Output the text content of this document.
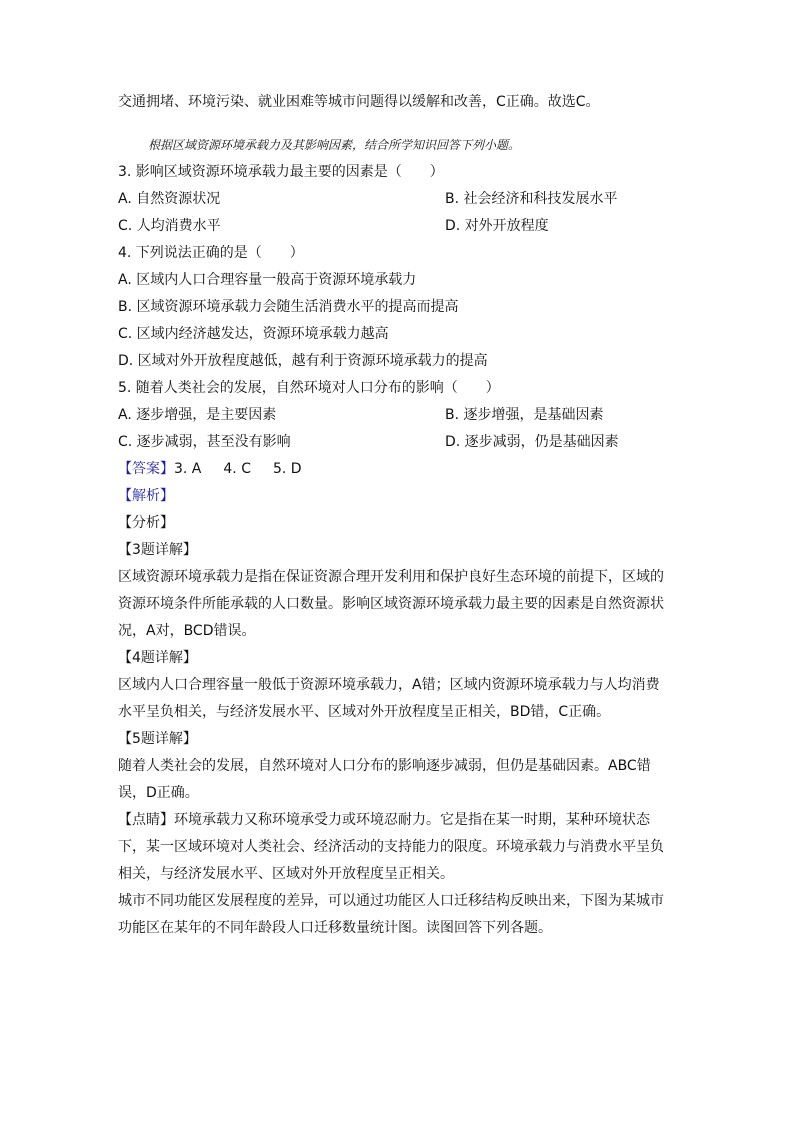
交通拥堵、环境污染、就业困难等城市问题得以缓解和改善，C正确。故选C。
根据区域资源环境承载力及其影响因素，结合所学知识回答下列小题。
3. 影响区域资源环境承载力最主要的因素是（　　）
A. 自然资源状况	B. 社会经济和科技发展水平
C. 人均消费水平	D. 对外开放程度
4. 下列说法正确的是（　　）
A. 区域内人口合理容量一般高于资源环境承载力
B. 区域资源环境承载力会随生活消费水平的提高而提高
C. 区域内经济越发达，资源环境承载力越高
D. 区域对外开放程度越低，越有利于资源环境承载力的提高
5. 随着人类社会的发展，自然环境对人口分布的影响（　　）
A. 逐步增强，是主要因素	B. 逐步增强，是基础因素
C. 逐步减弱，甚至没有影响	D. 逐步减弱，仍是基础因素
【答案】 3. A 4. C 5. D
【解析】
【分析】
【3题详解】
区域资源环境承载力是指在保证资源合理开发利用和保护良好生态环境的前提下，区域的
资源环境条件所能承载的人口数量。影响区域资源环境承载力最主要的因素是自然资源状
况，A对，BCD错误。
【4题详解】
区域内人口合理容量一般低于资源环境承载力，A错；区域内资源环境承载力与人均消费
水平呈负相关，与经济发展水平、区域对外开放程度呈正相关，BD错，C正确。
【5题详解】
随着人类社会的发展，自然环境对人口分布的影响逐步减弱，但仍是基础因素。ABC错
误，D正确。
【点睛】环境承载力又称环境承受力或环境忍耐力。它是指在某一时期，某种环境状态
下，某一区域环境对人类社会、经济活动的支持能力的限度。环境承载力与消费水平呈负
相关，与经济发展水平、区域对外开放程度呈正相关。
城市不同功能区发展程度的差异，可以通过功能区人口迁移结构反映出来，下图为某城市
功能区在某年的不同年龄段人口迁移数量统计图。读图回答下列各题。
